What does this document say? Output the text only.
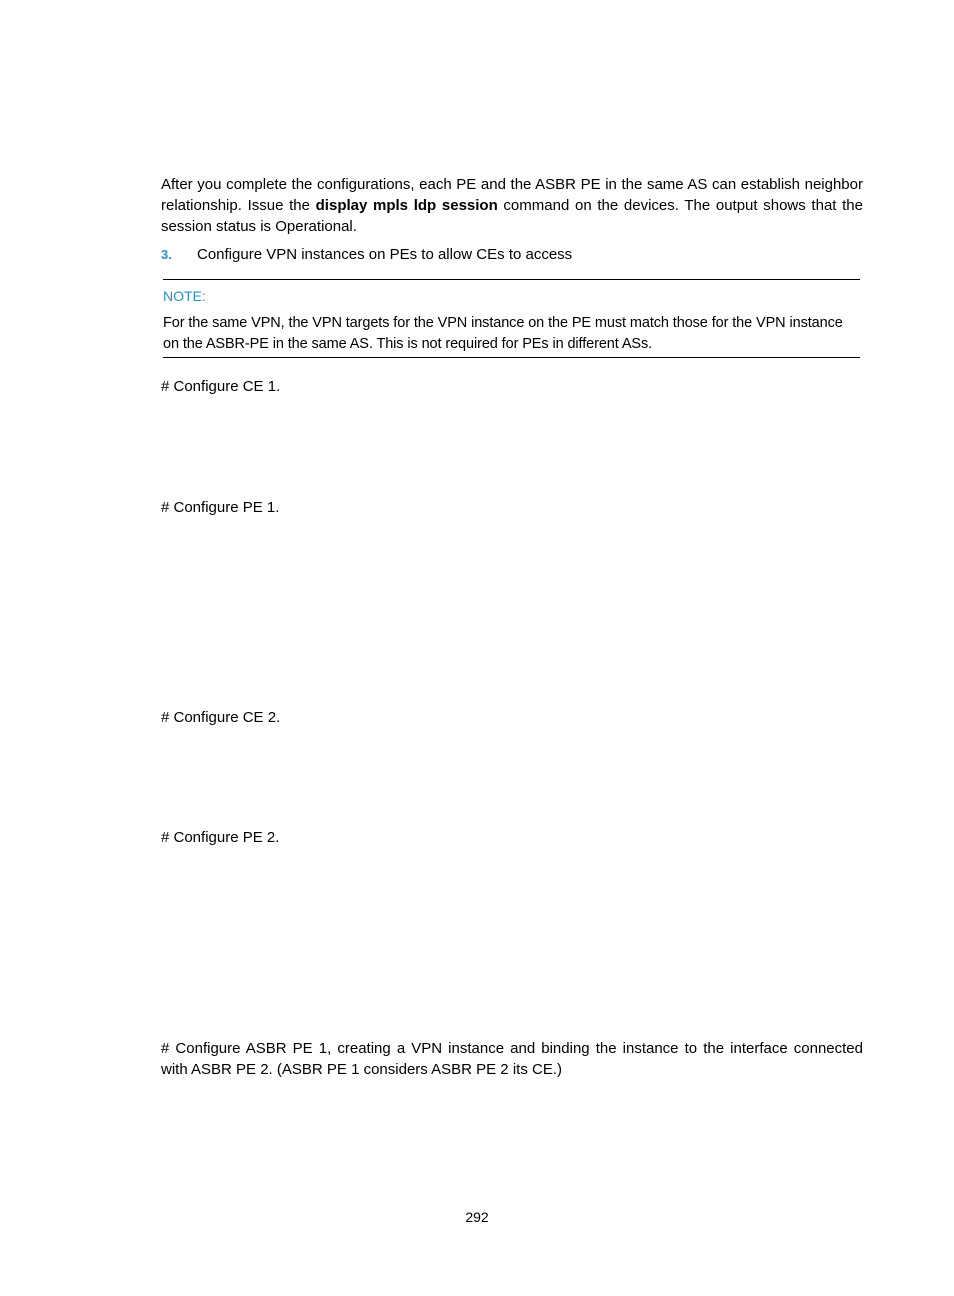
After you complete the configurations, each PE and the ASBR PE in the same AS can establish neighbor relationship. Issue the display mpls ldp session command on the devices. The output shows that the session status is Operational.

3. Configure VPN instances on PEs to allow CEs to access
NOTE:
For the same VPN, the VPN targets for the VPN instance on the PE must match those for the VPN instance on the ASBR-PE in the same AS. This is not required for PEs in different ASs.

# Configure CE 1.

# Configure PE 1.

# Configure CE 2.

# Configure PE 2.

# Configure ASBR PE 1, creating a VPN instance and binding the instance to the interface connected with ASBR PE 2. (ASBR PE 1 considers ASBR PE 2 its CE.)

292
